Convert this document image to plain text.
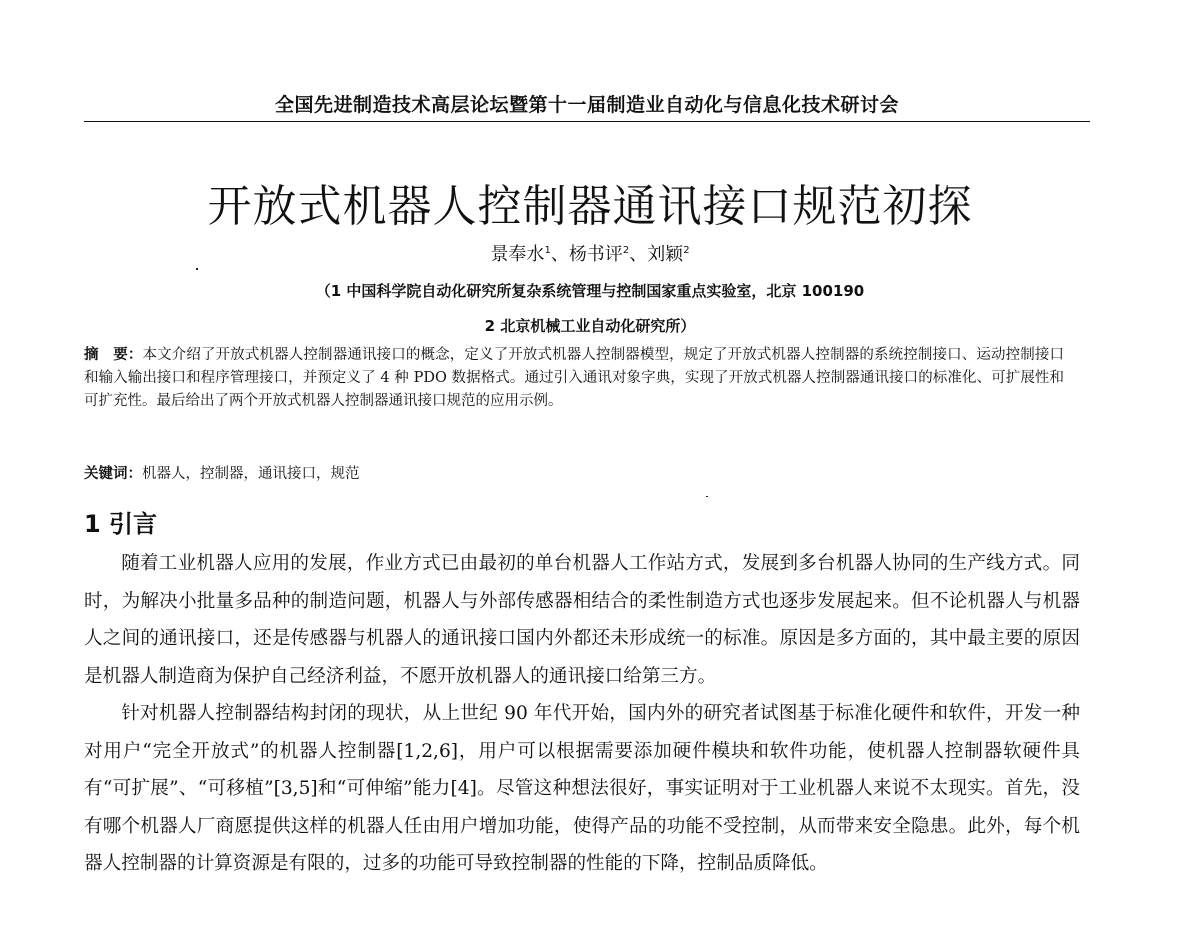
全国先进制造技术高层论坛暨第十一届制造业自动化与信息化技术研讨会
开放式机器人控制器通讯接口规范初探
景奉水$^1$、杨书评$^2$、刘颖$^2$
（1 中国科学院自动化研究所复杂系统管理与控制国家重点实验室，北京 100190
2 北京机械工业自动化研究所）
摘　要：本文介绍了开放式机器人控制器通讯接口的概念，定义了开放式机器人控制器模型，规定了开放式机器人控制器的系统控制接口、运动控制接口和输入输出接口和程序管理接口，并预定义了 4 种 PDO 数据格式。通过引入通讯对象字典，实现了开放式机器人控制器通讯接口的标准化、可扩展性和可扩充性。最后给出了两个开放式机器人控制器通讯接口规范的应用示例。
关键词：机器人，控制器，通讯接口，规范
1 引言

随着工业机器人应用的发展，作业方式已由最初的单台机器人工作站方式，发展到多台机器人协同的生产线方式。同时，为解决小批量多品种的制造问题，机器人与外部传感器相结合的柔性制造方式也逐步发展起来。但不论机器人与机器人之间的通讯接口，还是传感器与机器人的通讯接口国内外都还未形成统一的标准。原因是多方面的，其中最主要的原因是机器人制造商为保护自己经济利益，不愿开放机器人的通讯接口给第三方。

针对机器人控制器结构封闭的现状，从上世纪 90 年代开始，国内外的研究者试图基于标准化硬件和软件，开发一种对用户“完全开放式”的机器人控制器[1,2,6]，用户可以根据需要添加硬件模块和软件功能，使机器人控制器软硬件具有“可扩展”、“可移植”[3,5]和“可伸缩”能力[4]。尽管这种想法很好，事实证明对于工业机器人来说不太现实。首先，没有哪个机器人厂商愿提供这样的机器人任由用户增加功能，使得产品的功能不受控制，从而带来安全隐患。此外，每个机器人控制器的计算资源是有限的，过多的功能可导致控制器的性能的下降，控制品质降低。
